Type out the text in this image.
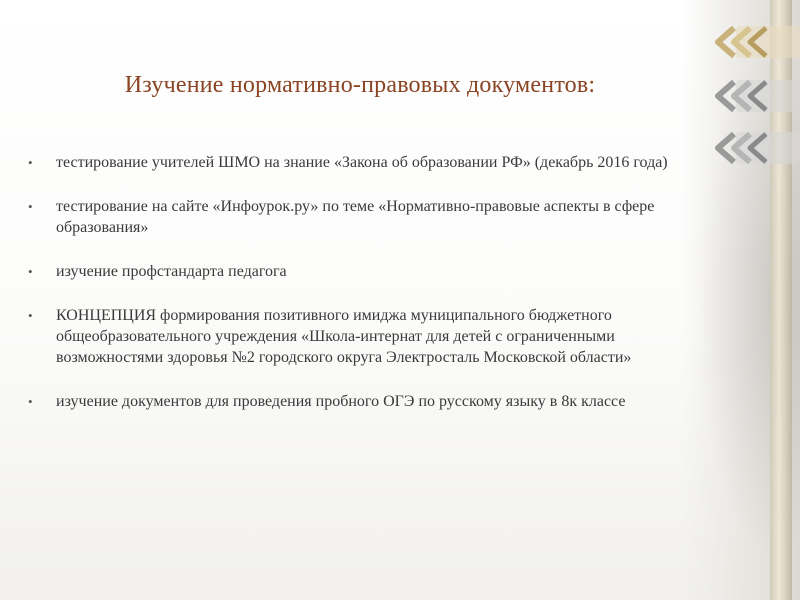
Изучение нормативно-правовых документов:
• тестирование учителей ШМО на знание «Закона об образовании РФ» (декабрь 2016 года)
• тестирование на сайте «Инфоурок.ру» по теме «Нормативно-правовые аспекты в сфере образования»
• изучение профстандарта педагога
• КОНЦЕПЦИЯ формирования позитивного имиджа муниципального бюджетного общеобразовательного учреждения «Школа-интернат для детей с ограниченными возможностями здоровья №2 городского округа Электросталь Московской области»
• изучение документов для проведения пробного ОГЭ по русскому языку в 8к классе
